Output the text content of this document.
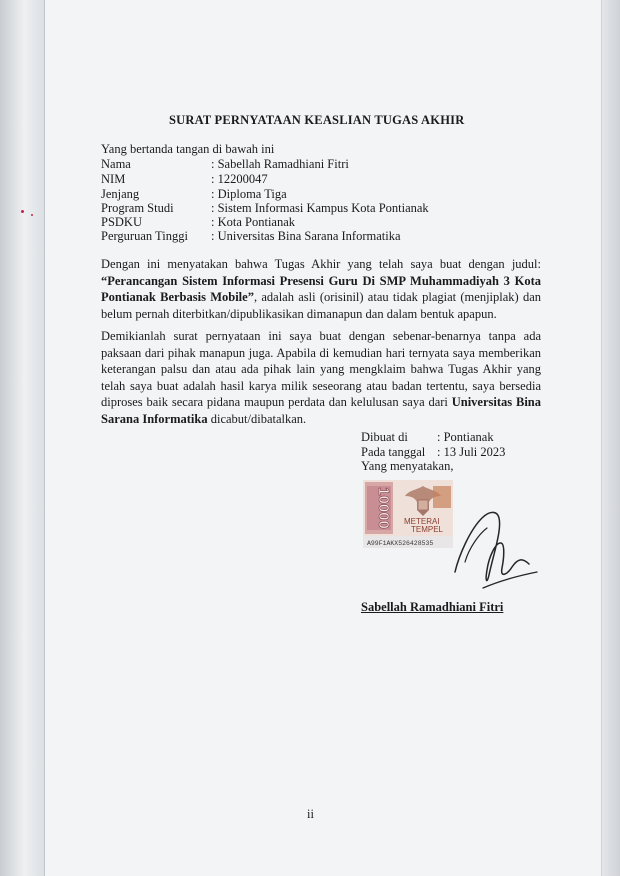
SURAT PERNYATAAN KEASLIAN TUGAS AKHIR
Yang bertanda tangan di bawah ini
Nama	: Sabellah Ramadhiani Fitri
NIM	: 12200047
Jenjang	: Diploma Tiga
Program Studi	: Sistem Informasi Kampus Kota Pontianak
PSDKU	: Kota Pontianak
Perguruan Tinggi	: Universitas Bina Sarana Informatika
Dengan ini menyatakan bahwa Tugas Akhir yang telah saya buat dengan judul: “Perancangan Sistem Informasi Presensi Guru Di SMP Muhammadiyah 3 Kota Pontianak Berbasis Mobile”, adalah asli (orisinil) atau tidak plagiat (menjiplak) dan belum pernah diterbitkan/dipublikasikan dimanapun dan dalam bentuk apapun.
Demikianlah surat pernyataan ini saya buat dengan sebenar-benarnya tanpa ada paksaan dari pihak manapun juga. Apabila di kemudian hari ternyata saya memberikan keterangan palsu dan atau ada pihak lain yang mengklaim bahwa Tugas Akhir yang telah saya buat adalah hasil karya milik seseorang atau badan tertentu, saya bersedia diproses baik secara pidana maupun perdata dan kelulusan saya dari Universitas Bina Sarana Informatika dicabut/dibatalkan.
Dibuat di : Pontianak
Pada tanggal : 13 Juli 2023
Yang menyatakan,
10000 METERAI
TEMPEL
A99F1AKX526428535
Sabellah Ramadhiani Fitri
ii
